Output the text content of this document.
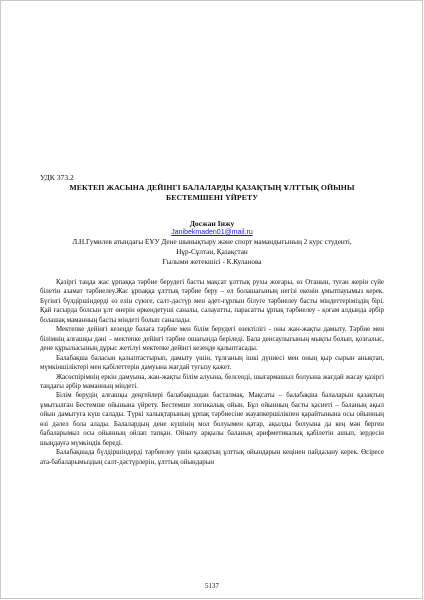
УДК 373.2
МЕКТЕП ЖАСЫНА ДЕЙІНГІ БАЛАЛАРДЫ ҚАЗАҚТЫҢ ҰЛТТЫҚ ОЙЫНЫ
БЕСТЕМШЕНІ ҮЙРЕТУ
Досжан Інжу
Janibekmaden01@mail.ru
Л.Н.Гумилев атындағы ЕҰУ Дене шынықтыру және спорт мамандығының 2 курс студенті,
Нұр-Сұлтан, Қазақстан
Ғылыми жетекшісі - К.Куланова

Қазіргі таңда жас ұрпаққа тәрбие берудегі басты мақсат ұлттық рухы жоғары, өз Отанын, туған жерін сүйе білетін азамат тәрбиелеу.Жас ұрпаққа ұлттық тәрбие беру – ел болашағының негізі екенін ұмытпауымыз керек. Бүгінгі бүлдіршіндерді өз елін сүюге, салт-дәстүр мен әдет-ғұрпын білуге тәрбиелеу басты міндеттеріміздің бірі. Қай ғасырда болсын ұлт өнерін өркендетуші саналы, салауатты, парасатты ұрпақ тәрбиелеу - қоғам алдында әрбір болашақ маманның басты міндеті болып саналады.

Мектепке дейінгі кезеңде балаға тәрбие мен білім берудегі өзектілігі - оны жан-жақты дамыту. Тәрбие мен білімнің алғашқы дәні – мектепке дейінгі тәрбие ошағында беріледі. Бала денсаулығының мықты болып, қозғалыс, дене құрылысының дұрыс жетілуі мектепке дейінгі кезеңде қалыптасады.

Балабақша баласын қалыптастырып, дамыту үшін, тұлғаның ішкі дүниесі мен оның қыр сырын анықтап, мүмкіншіліктері мен қабілеттерін дамуына жағдай туғызу қажет.

Жасөспірімнің еркін дамуына, жан-жақты білім алуына, белсенді, шығармашыл болуына жағдай жасау қазіргі таңдағы әрбір маманның міндеті.

Білім берудің алғашқы деңгейлері балабақшадан басталмақ. Мақсаты – балабақша балаларын қазақтың ұмытылған Бестемше ойынына үйрету. Бестемше логикалық ойын. Бұл ойынның басты қасиеті – баланың ақыл ойын дамытуға күш салады. Түркі халықтарының ұрпақ тәрбиесіне жауапкершілікпен қарайтынына осы ойынның өзі дәлел бола алады. Балалардың дене күшінің мол болуымен қатар, ақылды болуына да кең мән берген бабаларымыз осы ойынның ойлап тапқан. Ойнату арқылы баланың арифметикалық қабілетін ашып, зердесін шыңдауға мүмкіндік береді.

Балабақшада бүлдіршіндерді тәрбиелеу үшін қазақтың ұлттық ойындарын кеңінен пайдалану керек. Өсіресе ата-бабаларымыздың салт-дәстүрлерін, ұлттық ойындарын

5137
